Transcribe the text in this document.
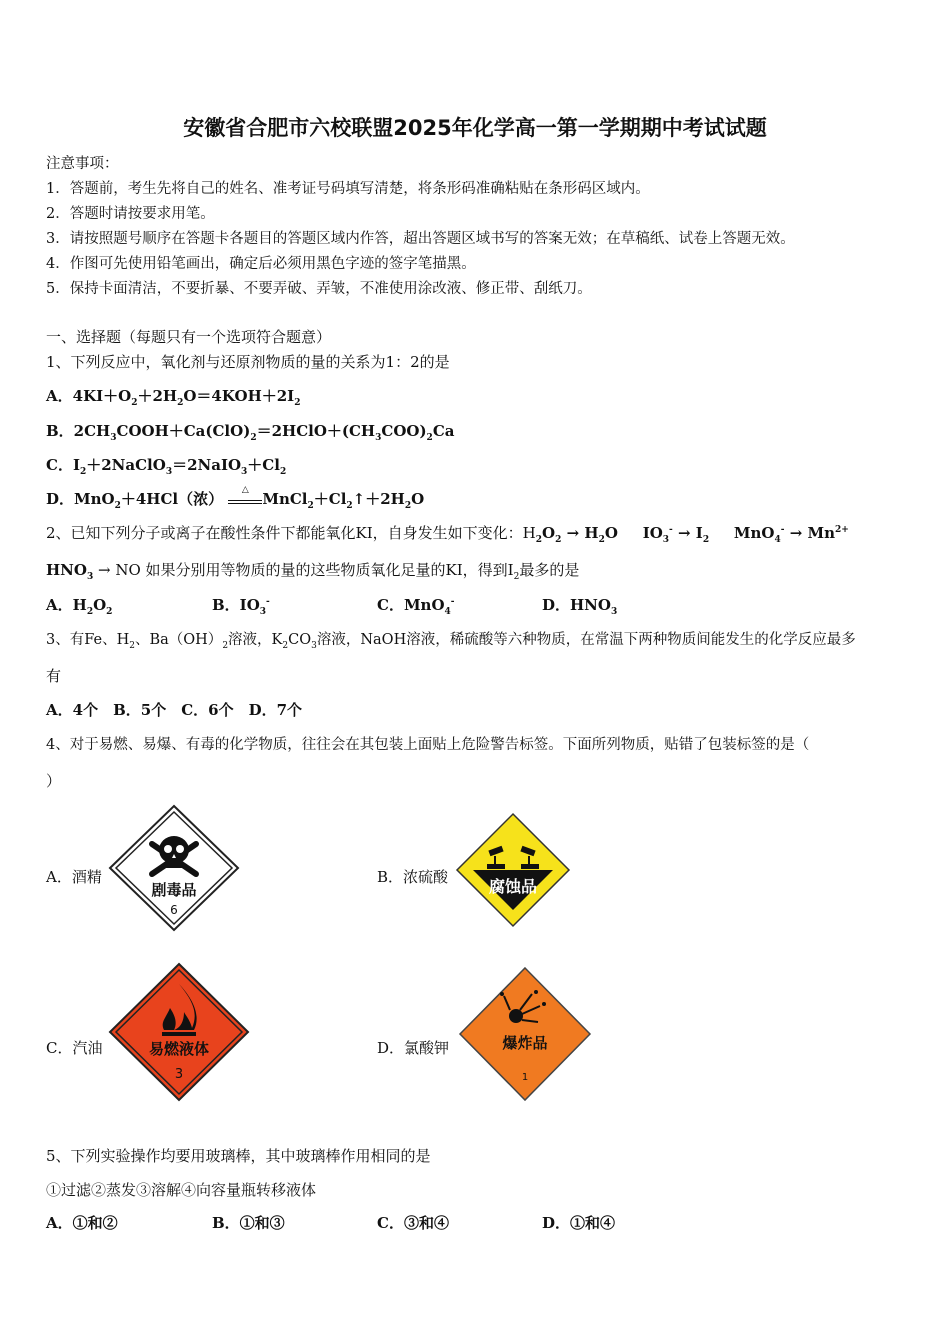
安徽省合肥市六校联盟2025年化学高一第一学期期中考试试题
注意事项：
1．答题前，考生先将自己的姓名、准考证号码填写清楚，将条形码准确粘贴在条形码区域内。
2．答题时请按要求用笔。
3．请按照题号顺序在答题卡各题目的答题区域内作答，超出答题区域书写的答案无效；在草稿纸、试卷上答题无效。
4．作图可先使用铅笔画出，确定后必须用黑色字迹的签字笔描黑。
5．保持卡面清洁，不要折暴、不要弄破、弄皱，不准使用涂改液、修正带、刮纸刀。
一、选择题（每题只有一个选项符合题意）
1、下列反应中，氧化剂与还原剂物质的量的关系为1：2的是
A．$4KI+O_2+2H_2O=4KOH+2I_2$
B．$2CH_3COOH+Ca(ClO)_2=2HClO+(CH_3COO)_2Ca$
C．$I_2+2NaClO_3=2NaIO_3+Cl_2$
D．MnO$_2$＋4HCl（浓）	△ $MnCl_2+Cl_2↑+2H_2O$
2、已知下列分子或离子在酸性条件下都能氧化KI，自身发生如下变化：$H_2O_2 \to H_2O$ $IO_3^- \to I_2$ $MnO_4^- \to Mn^{2+}$
$HNO_3$ → NO 如果分别用等物质的量的这些物质氧化足量的KI，得到$I_2$最多的是
A．$H_2O_2$	B．$IO_3^-$	C．MnO$_4$-	D．$HNO_3$
3、有Fe、$H_2$、$Ba(OH)_2$溶液，$K_2CO_3$溶液，NaOH溶液，稀硫酸等六种物质，在常温下两种物质间能发生的化学反应最多
有
A．4个　B．5个　C．6个　D．7个
4、对于易燃、易爆、有毒的化学物质，往往会在其包装上面贴上危险警告标签。下面所列物质，贴错了包装标签的是（
）
A．酒精	B．浓硫酸
C．汽油	D．氯酸钾
剧毒品
6
腐蚀品
易燃液体
3
爆炸品
1
5、下列实验操作均要用玻璃棒，其中玻璃棒作用相同的是
①过滤②蒸发③溶解④向容量瓶转移液体
A．①和②	B．①和③	C．③和④	D．①和④
